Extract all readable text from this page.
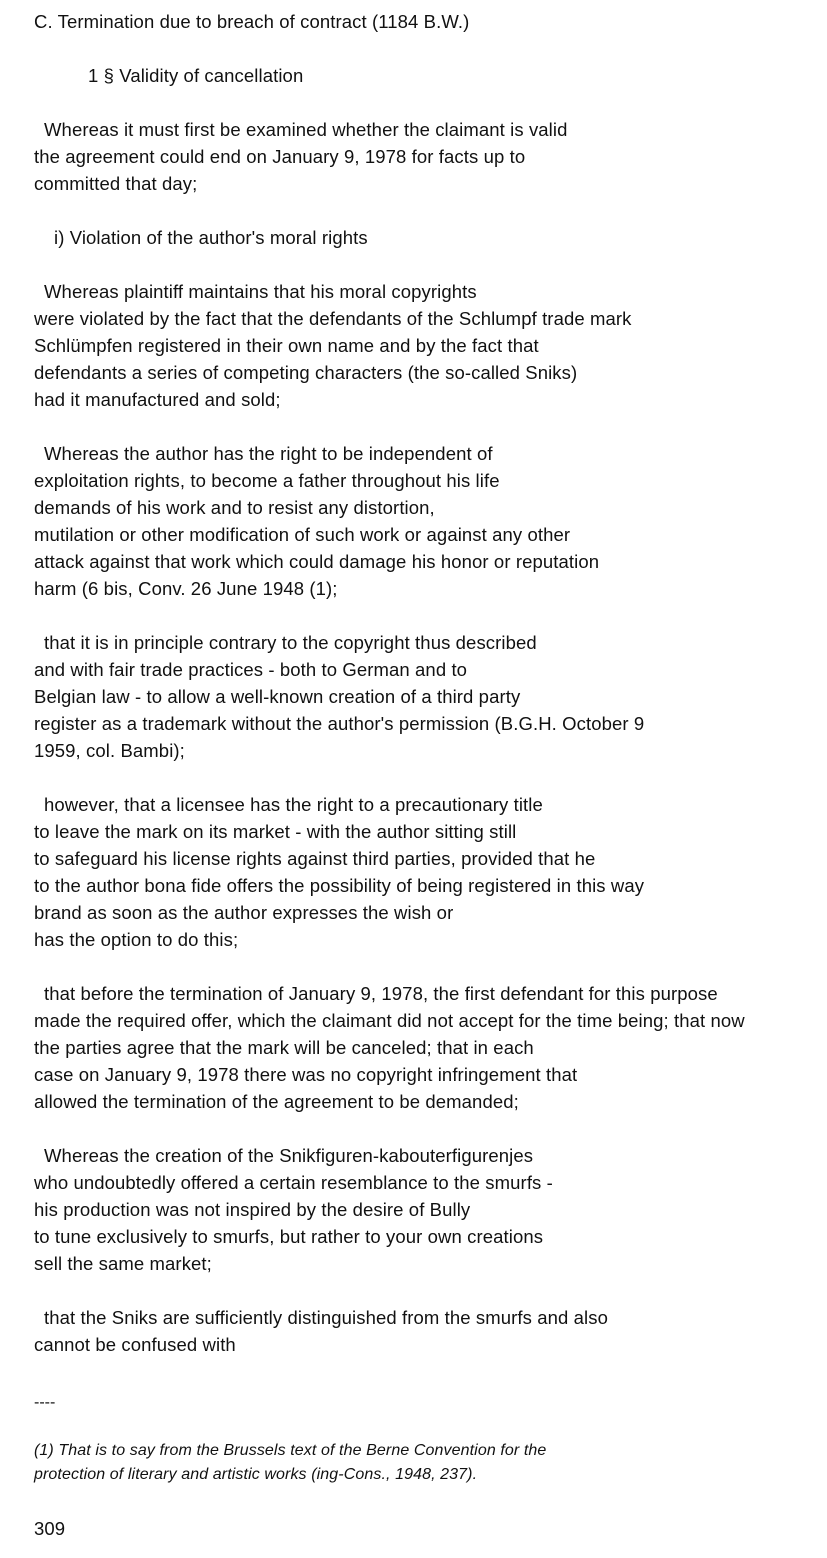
C. Termination due to breach of contract (1184 B.W.)
1 § Validity of cancellation
Whereas it must first be examined whether the claimant is valid
the agreement could end on January 9, 1978 for facts up to
committed that day;
i) Violation of the author's moral rights
Whereas plaintiff maintains that his moral copyrights
were violated by the fact that the defendants of the Schlumpf trade mark
Schlümpfen registered in their own name and by the fact that
defendants a series of competing characters (the so-called Sniks)
had it manufactured and sold;
Whereas the author has the right to be independent of
exploitation rights, to become a father throughout his life
demands of his work and to resist any distortion,
mutilation or other modification of such work or against any other
attack against that work which could damage his honor or reputation
harm (6 bis, Conv. 26 June 1948 (1);
that it is in principle contrary to the copyright thus described
and with fair trade practices - both to German and to
Belgian law - to allow a well-known creation of a third party
register as a trademark without the author's permission (B.G.H. October 9
1959, col. Bambi);
however, that a licensee has the right to a precautionary title
to leave the mark on its market - with the author sitting still
to safeguard his license rights against third parties, provided that he
to the author bona fide offers the possibility of being registered in this way
brand as soon as the author expresses the wish or
has the option to do this;
that before the termination of January 9, 1978, the first defendant for this purpose
made the required offer, which the claimant did not accept for the time being; that now
the parties agree that the mark will be canceled; that in each
case on January 9, 1978 there was no copyright infringement that
allowed the termination of the agreement to be demanded;
Whereas the creation of the Snikfiguren-kabouterfigurenjes
who undoubtedly offered a certain resemblance to the smurfs -
his production was not inspired by the desire of Bully
to tune exclusively to smurfs, but rather to your own creations
sell the same market;
that the Sniks are sufficiently distinguished from the smurfs and also
cannot be confused with
----
(1) That is to say from the Brussels text of the Berne Convention for the
protection of literary and artistic works (ing-Cons., 1948, 237).
309
